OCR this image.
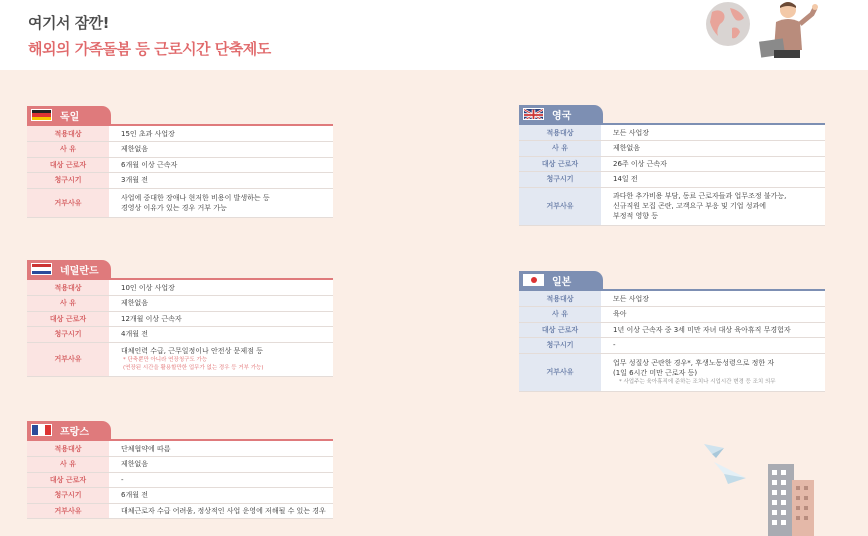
여기서 잠깐!
해외의 가족돌봄 등 근로시간 단축제도
독일
적용대상	15인 초과 사업장
사 유	제한없음
대상 근로자	6개월 이상 근속자
청구시기	3개월 전
거부사유	사업에 중대한 장애나 현저한 비용이 발생하는 등
경영상 이유가 있는 경우 거부 가능
네덜란드
적용대상	10인 이상 사업장
사 유	제한없음
대상 근로자	12개월 이상 근속자
청구시기	4개월 전
거부사유	대체인력 수급, 근무일정이나 안전상 문제점 등
* 단축뿐만 아니라 연장청구도 가능
(연장된 시간을 활용할만한 업무가 없는 경우 등 거부 가능)
프랑스
적용대상	단체협약에 따름
사 유	제한없음
대상 근로자	-
청구시기	6개월 전
거부사유	대체근로자 수급 어려움, 정상적인 사업 운영에 저해될 수 있는 경우
영국
적용대상	모든 사업장
사 유	제한없음
대상 근로자	26주 이상 근속자
청구시기	14일 전
거부사유	과다한 추가비용 부담, 동료 근로자들과 업무조정 불가능,
신규직원 모집 곤란, 고객요구 부응 및 기업 성과에
부정적 영향 등
일본
적용대상	모든 사업장
사 유	육아
대상 근로자	1년 이상 근속자 중 3세 미만 자녀 대상 육아휴직 무경험자
청구시기	-
거부사유	업무 성질상 곤란한 경우*, 후생노동성령으로 정한 자
(1일 6시간 미만 근로자 등)
* 사업주는 육아휴직에 준하는 조치나 시업시간 변경 등 조치 의무
